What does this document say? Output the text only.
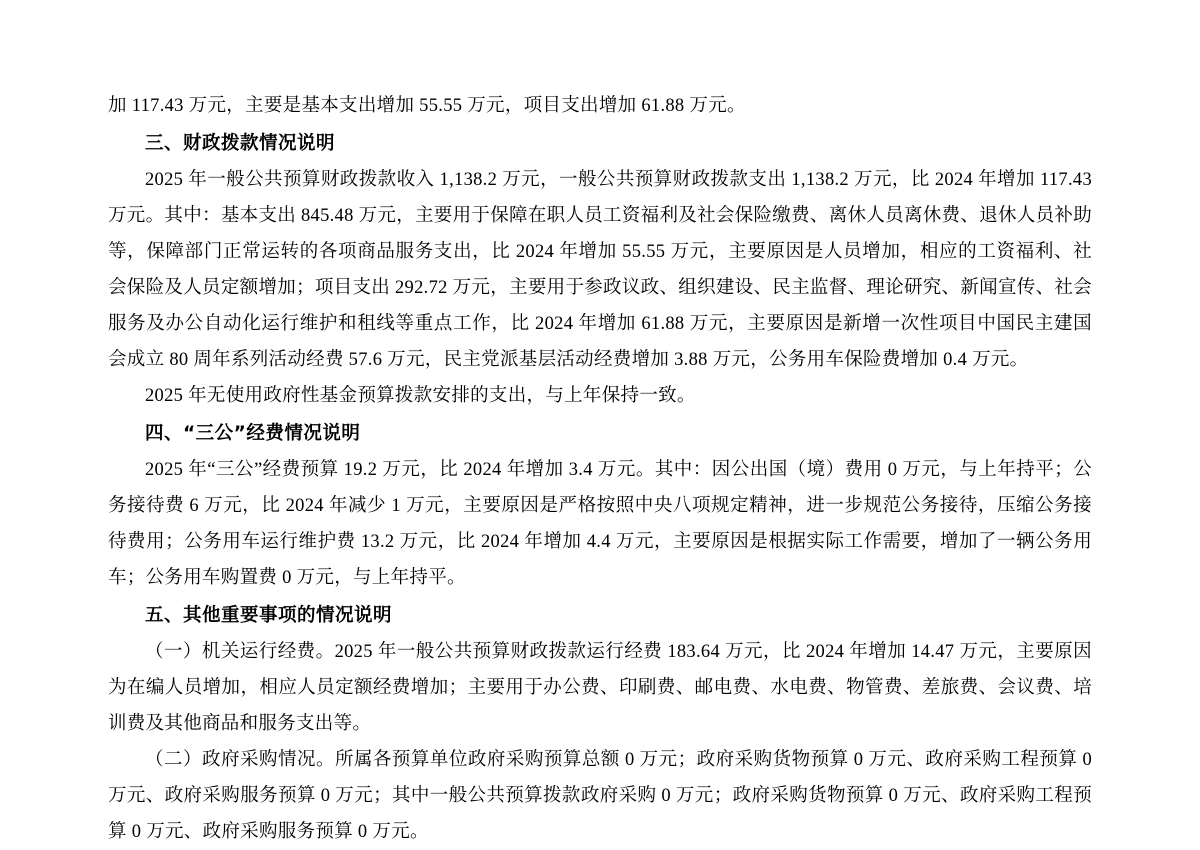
加 117.43 万元，主要是基本支出增加 55.55 万元，项目支出增加 61.88 万元。

三、财政拨款情况说明

2025 年一般公共预算财政拨款收入 1,138.2 万元，一般公共预算财政拨款支出 1,138.2 万元，比 2024 年增加 117.43 万元。其中：基本支出 845.48 万元，主要用于保障在职人员工资福利及社会保险缴费、离休人员离休费、退休人员补助等，保障部门正常运转的各项商品服务支出，比 2024 年增加 55.55 万元，主要原因是人员增加，相应的工资福利、社会保险及人员定额增加；项目支出 292.72 万元，主要用于参政议政、组织建设、民主监督、理论研究、新闻宣传、社会服务及办公自动化运行维护和租线等重点工作，比 2024 年增加 61.88 万元，主要原因是新增一次性项目中国民主建国会成立 80 周年系列活动经费 57.6 万元，民主党派基层活动经费增加 3.88 万元，公务用车保险费增加 0.4 万元。

2025 年无使用政府性基金预算拨款安排的支出，与上年保持一致。

四、“三公”经费情况说明

2025 年“三公”经费预算 19.2 万元，比 2024 年增加 3.4 万元。其中：因公出国（境）费用 0 万元，与上年持平；公务接待费 6 万元，比 2024 年减少 1 万元，主要原因是严格按照中央八项规定精神，进一步规范公务接待，压缩公务接待费用；公务用车运行维护费 13.2 万元，比 2024 年增加 4.4 万元，主要原因是根据实际工作需要，增加了一辆公务用车；公务用车购置费 0 万元，与上年持平。

五、其他重要事项的情况说明

（一）机关运行经费。2025 年一般公共预算财政拨款运行经费 183.64 万元，比 2024 年增加 14.47 万元，主要原因为在编人员增加，相应人员定额经费增加；主要用于办公费、印刷费、邮电费、水电费、物管费、差旅费、会议费、培训费及其他商品和服务支出等。

（二）政府采购情况。所属各预算单位政府采购预算总额 0 万元；政府采购货物预算 0 万元、政府采购工程预算 0 万元、政府采购服务预算 0 万元；其中一般公共预算拨款政府采购 0 万元；政府采购货物预算 0 万元、政府采购工程预算 0 万元、政府采购服务预算 0 万元。
